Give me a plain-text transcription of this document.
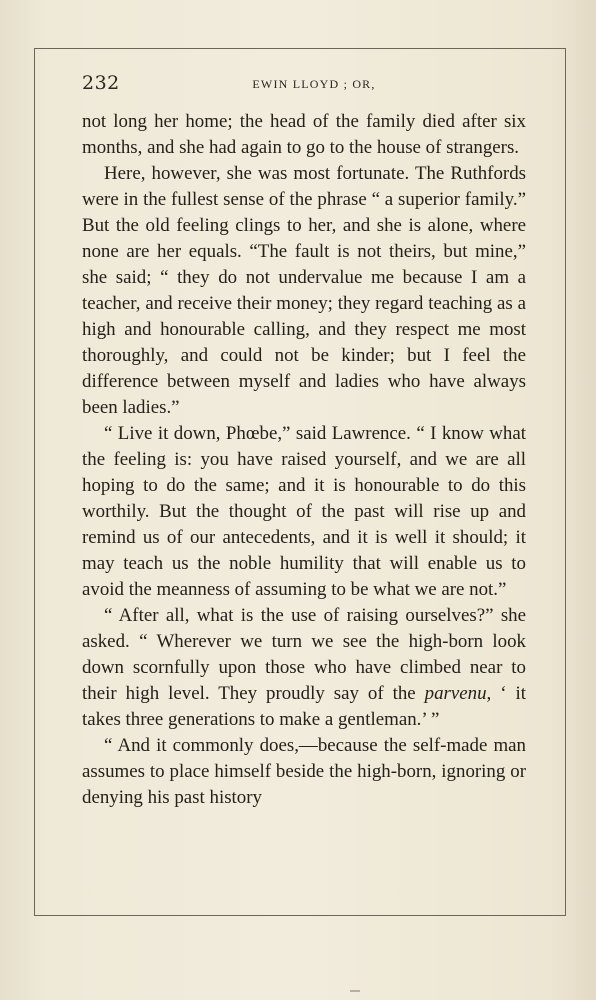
232	EWIN LLOYD ; OR,

not long her home; the head of the family died after six months, and she had again to go to the house of strangers.

Here, however, she was most fortunate. The Ruthfords were in the fullest sense of the phrase “ a superior family.” But the old feeling clings to her, and she is alone, where none are her equals. “The fault is not theirs, but mine,” she said; “ they do not undervalue me because I am a teacher, and receive their money; they regard teaching as a high and honourable calling, and they respect me most thoroughly, and could not be kinder; but I feel the difference between myself and ladies who have always been ladies.”

“ Live it down, Phœbe,” said Lawrence. “ I know what the feeling is: you have raised yourself, and we are all hoping to do the same; and it is honourable to do this worthily. But the thought of the past will rise up and remind us of our antecedents, and it is well it should; it may teach us the noble humility that will enable us to avoid the meanness of assuming to be what we are not.”

“ After all, what is the use of raising ourselves?” she asked. “ Wherever we turn we see the high-born look down scornfully upon those who have climbed near to their high level. They proudly say of the parvenu, ‘ it takes three generations to make a gentleman.’ ”

“ And it commonly does,—because the self-made man assumes to place himself beside the high-born, ignoring or denying his past history
